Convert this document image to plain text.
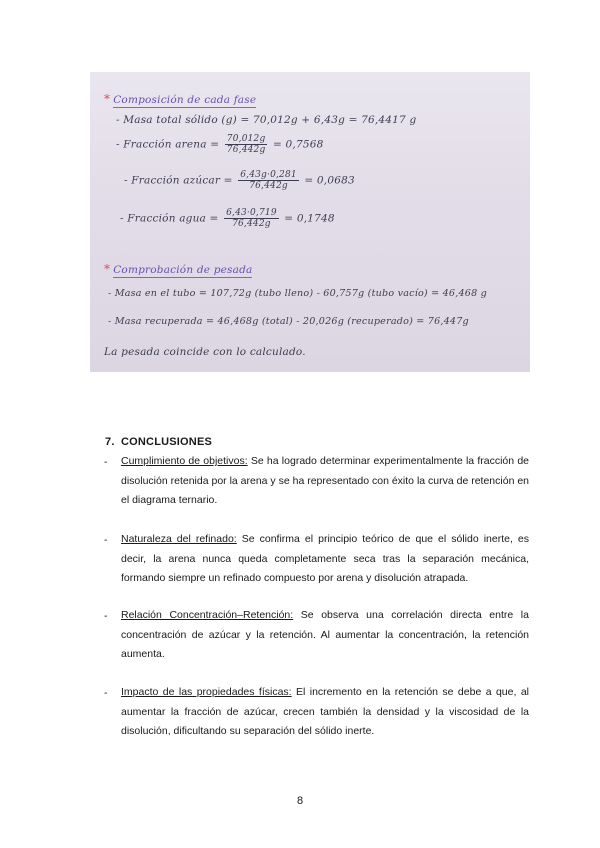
* Composición de cada fase
- Masa total sólido (g) = 70,012g + 6,43g = 76,4417 g
- Fracción arena = $\frac{70,012g}{76,442g} = 0,7568$
- Fracción azúcar = $\frac{6,43g\cdot 0,281}{76,442g} = 0,0683$
- Fracción agua = $\frac{6,43\cdot 0,719}{76,442g} = 0,1748$
* Comprobación de pesada
- Masa en el tubo = 107,72g (tubo lleno) - 60,757g (tubo vacío) = 46,468 g
- Masa recuperada = 46,468g (total) - 20,026g (recuperado) = 76,447g
La pesada coincide con lo calculado.
7. CONCLUSIONES
- Cumplimiento de objetivos: Se ha logrado determinar experimentalmente la fracción de disolución retenida por la arena y se ha representado con éxito la curva de retención en el diagrama ternario.
- Naturaleza del refinado: Se confirma el principio teórico de que el sólido inerte, es decir, la arena nunca queda completamente seca tras la separación mecánica, formando siempre un refinado compuesto por arena y disolución atrapada.
- Relación Concentración–Retención: Se observa una correlación directa entre la concentración de azúcar y la retención. Al aumentar la concentración, la retención aumenta.
- Impacto de las propiedades físicas: El incremento en la retención se debe a que, al aumentar la fracción de azúcar, crecen también la densidad y la viscosidad de la disolución, dificultando su separación del sólido inerte.
8
